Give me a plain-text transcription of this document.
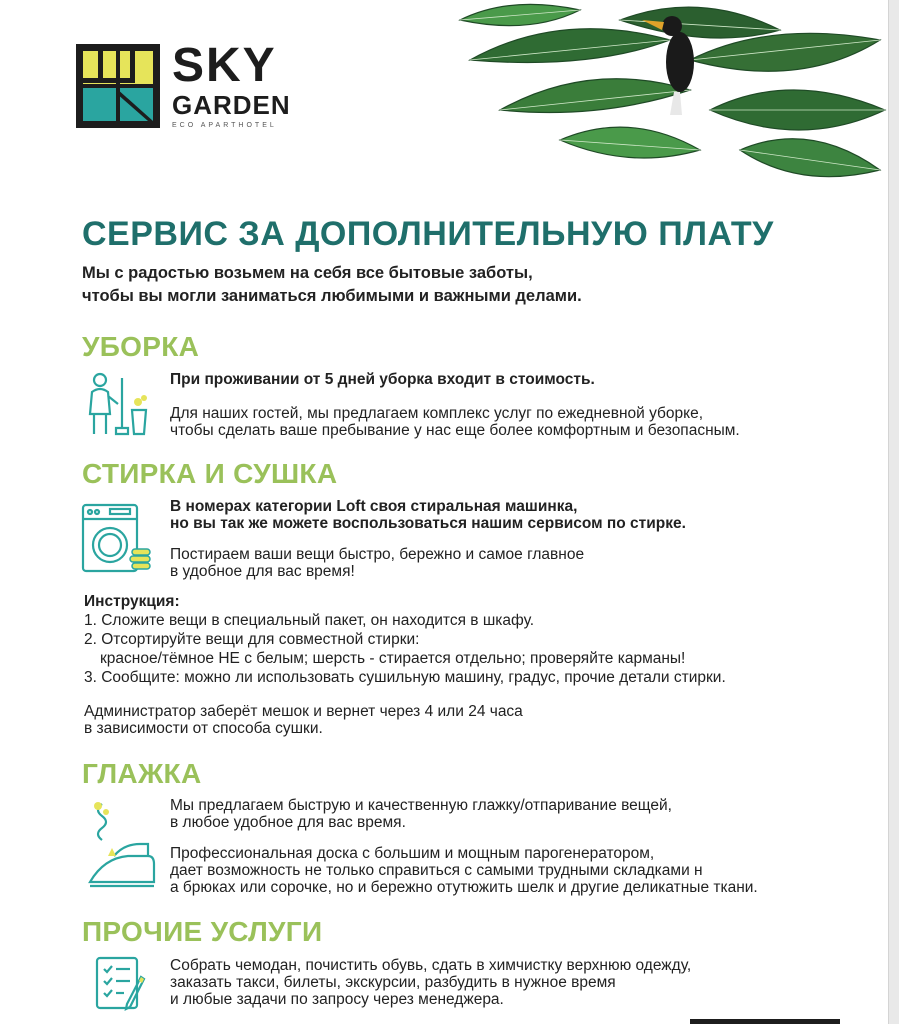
SKY
GARDEN
ECO APARTHOTEL
СЕРВИС ЗА ДОПОЛНИТЕЛЬНУЮ ПЛАТУ
Мы с радостью возьмем на себя все бытовые заботы,
чтобы вы могли заниматься любимыми и важными делами.
УБОРКА
При проживании от 5 дней уборка входит в стоимость.
Для наших гостей, мы предлагаем комплекс услуг по ежедневной уборке,
чтобы сделать ваше пребывание у нас еще более комфортным и безопасным.
СТИРКА И СУШКА
В номерах категории Loft своя стиральная машинка,
но вы так же можете воспользоваться нашим сервисом по стирке.
Постираем ваши вещи быстро, бережно и самое главное
в удобное для вас время!
Инструкция:
1. Сложите вещи в специальный пакет, он находится в шкафу.
2. Отсортируйте вещи для совместной стирки:
красное/тёмное НЕ с белым; шерсть - стирается отдельно; проверяйте карманы!
3. Сообщите: можно ли использовать сушильную машину, градус, прочие детали стирки.
Администратор заберёт мешок и вернет через 4 или 24 часа
в зависимости от способа сушки.
ГЛАЖКА
Мы предлагаем быструю и качественную глажку/отпаривание вещей,
в любое удобное для вас время.
Профессиональная доска с большим и мощным парогенератором,
дает возможность не только справиться с самыми трудными складками н
а брюках или сорочке, но и бережно отутюжить шелк и другие деликатные ткани.
ПРОЧИЕ УСЛУГИ
Собрать чемодан, почистить обувь, сдать в химчистку верхнюю одежду,
заказать такси, билеты, экскурсии, разбудить в нужное время
и любые задачи по запросу через менеджера.
